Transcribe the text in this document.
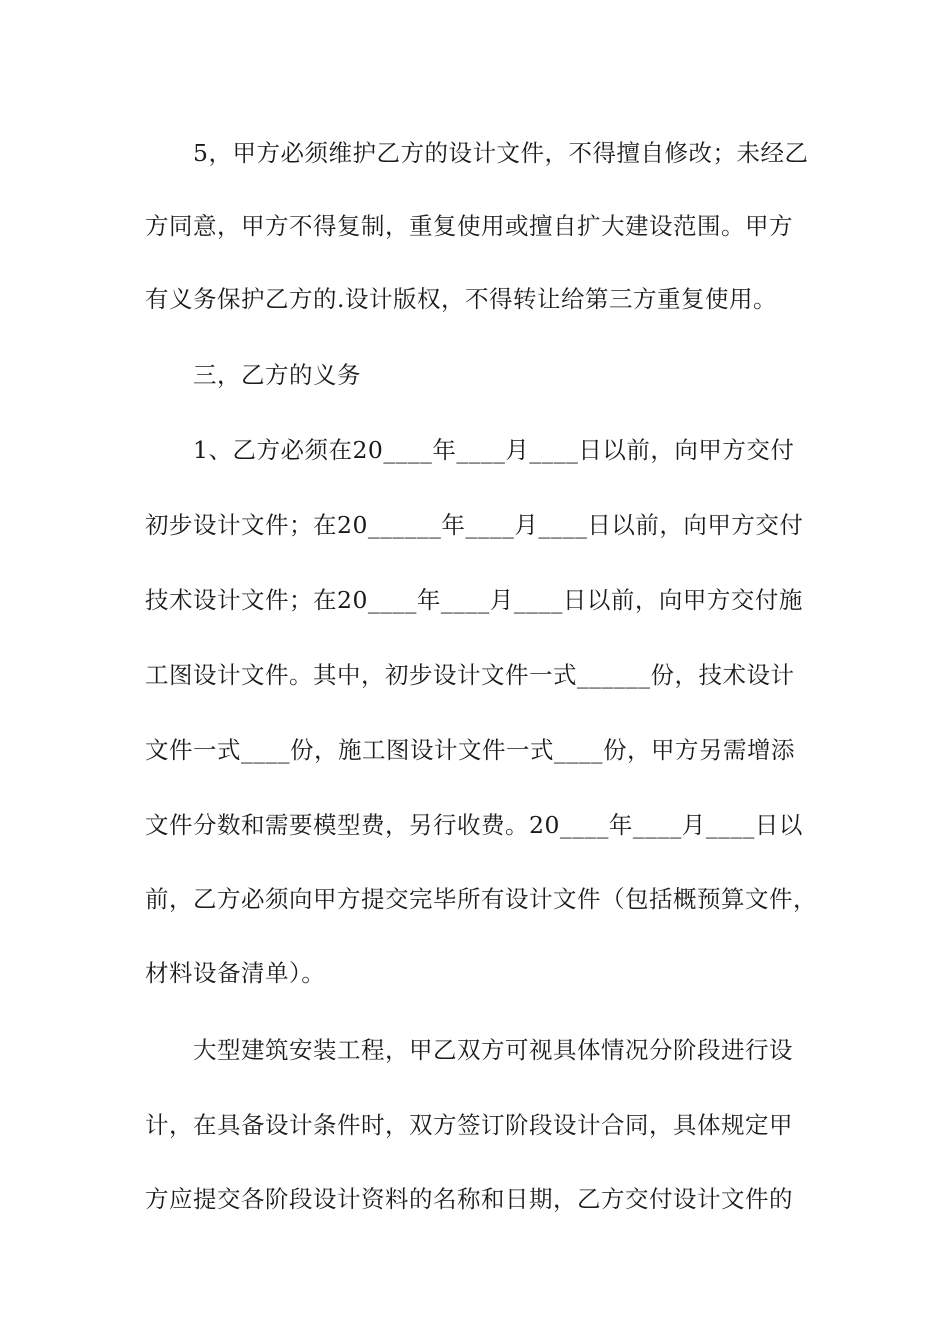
5，甲方必须维护乙方的设计文件，不得擅自修改；未经乙
方同意，甲方不得复制，重复使用或擅自扩大建设范围。甲方
有义务保护乙方的.设计版权，不得转让给第三方重复使用。
三，乙方的义务
1、乙方必须在20____年____月____日以前，向甲方交付
初步设计文件；在20______年____月____日以前，向甲方交付
技术设计文件；在20____年____月____日以前，向甲方交付施
工图设计文件。其中，初步设计文件一式______份，技术设计
文件一式____份，施工图设计文件一式____份，甲方另需增添
文件分数和需要模型费，另行收费。20____年____月____日以
前，乙方必须向甲方提交完毕所有设计文件（包括概预算文件，
材料设备清单）。
大型建筑安装工程，甲乙双方可视具体情况分阶段进行设
计，在具备设计条件时，双方签订阶段设计合同，具体规定甲
方应提交各阶段设计资料的名称和日期，乙方交付设计文件的
